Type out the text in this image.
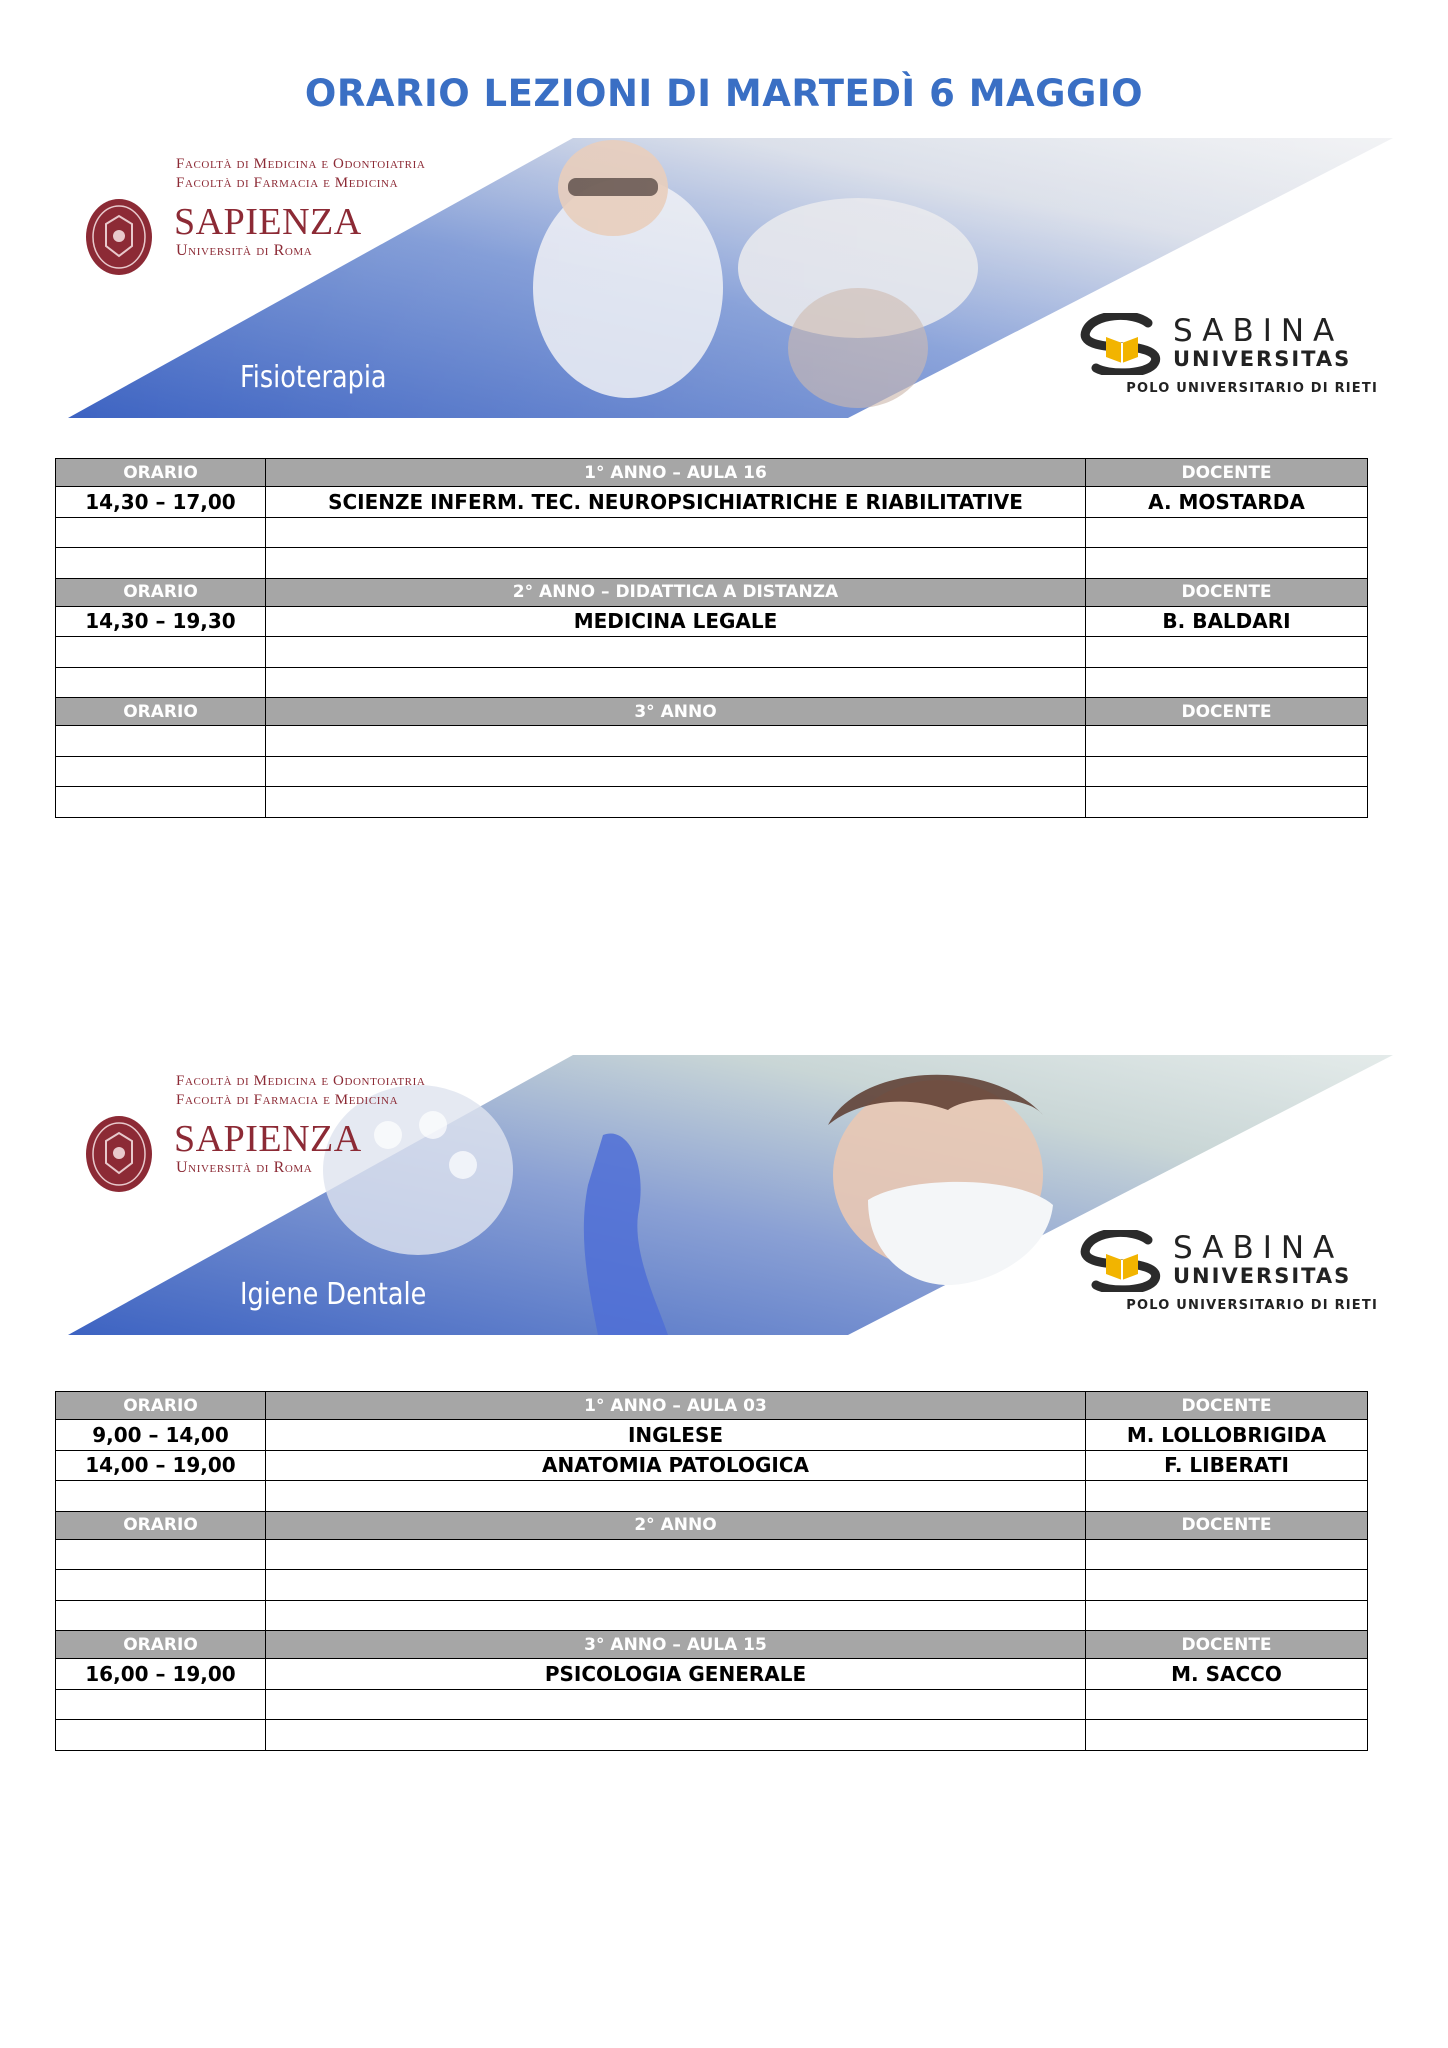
ORARIO LEZIONI DI MARTEDÌ 6 MAGGIO
Facoltà di Medicina e Odontoiatria
Facoltà di Farmacia e Medicina
SAPIENZA
Università di Roma
Fisioterapia
SABINA
UNIVERSITAS
POLO UNIVERSITARIO DI RIETI
ORARIO	1° ANNO – AULA 16	DOCENTE
14,30 – 17,00	SCIENZE INFERM. TEC. NEUROPSICHIATRICHE E RIABILITATIVE	A. MOSTARDA

ORARIO	2° ANNO – DIDATTICA A DISTANZA	DOCENTE
14,30 – 19,30	MEDICINA LEGALE	B. BALDARI

ORARIO	3° ANNO	DOCENTE

Facoltà di Medicina e Odontoiatria
Facoltà di Farmacia e Medicina
SAPIENZA
Università di Roma
Igiene Dentale
SABINA
UNIVERSITAS
POLO UNIVERSITARIO DI RIETI
ORARIO	1° ANNO – AULA 03	DOCENTE
9,00 – 14,00	INGLESE	M. LOLLOBRIGIDA
14,00 – 19,00	ANATOMIA PATOLOGICA	F. LIBERATI

ORARIO	2° ANNO	DOCENTE

ORARIO	3° ANNO – AULA 15	DOCENTE
16,00 – 19,00	PSICOLOGIA GENERALE	M. SACCO
